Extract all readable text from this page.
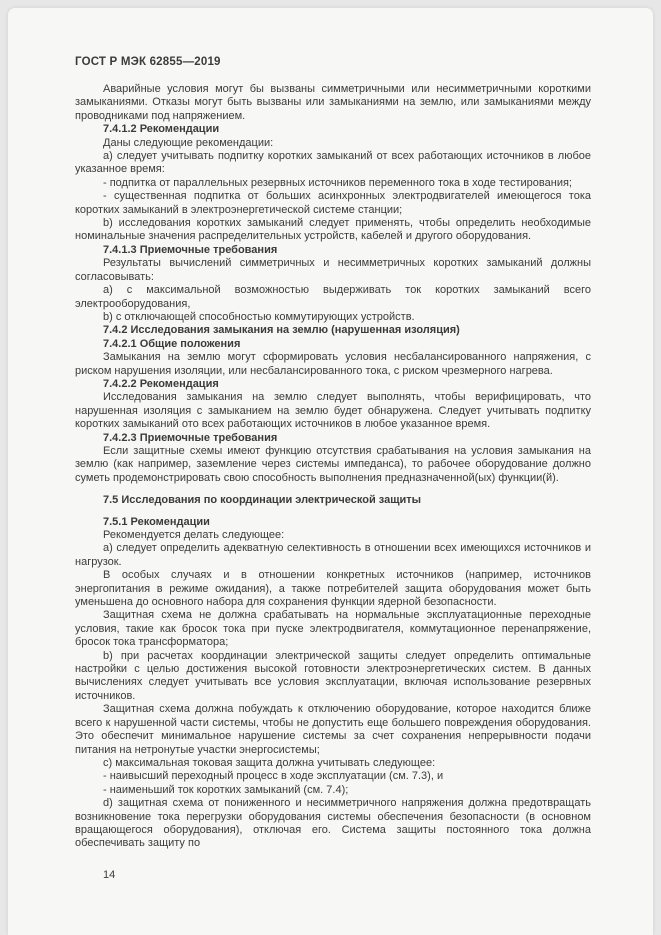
ГОСТ Р МЭК 62855—2019

Аварийные условия могут бы вызваны симметричными или несимметричными короткими замыканиями. Отказы могут быть вызваны или замыканиями на землю, или замыканиями между проводниками под напряжением.

7.4.1.2 Рекомендации

Даны следующие рекомендации:

a) следует учитывать подпитку коротких замыканий от всех работающих источников в любое указанное время:

- подпитка от параллельных резервных источников переменного тока в ходе тестирования;

- существенная подпитка от больших асинхронных электродвигателей имеющегося тока коротких замыканий в электроэнергетической системе станции;

b) исследования коротких замыканий следует применять, чтобы определить необходимые номинальные значения распределительных устройств, кабелей и другого оборудования.

7.4.1.3 Приемочные требования

Результаты вычислений симметричных и несимметричных коротких замыканий должны согласовывать:

a) с максимальной возможностью выдерживать ток коротких замыканий всего электрооборудования,

b) с отключающей способностью коммутирующих устройств.

7.4.2 Исследования замыкания на землю (нарушенная изоляция)

7.4.2.1 Общие положения

Замыкания на землю могут сформировать условия несбалансированного напряжения, с риском нарушения изоляции, или несбалансированного тока, с риском чрезмерного нагрева.

7.4.2.2 Рекомендация

Исследования замыкания на землю следует выполнять, чтобы верифицировать, что нарушенная изоляция с замыканием на землю будет обнаружена. Следует учитывать подпитку коротких замыканий ото всех работающих источников в любое указанное время.

7.4.2.3 Приемочные требования

Если защитные схемы имеют функцию отсутствия срабатывания на условия замыкания на землю (как например, заземление через системы импеданса), то рабочее оборудование должно суметь продемонстрировать свою способность выполнения предназначенной(ых) функции(й).

7.5 Исследования по координации электрической защиты

7.5.1 Рекомендации

Рекомендуется делать следующее:

a) следует определить адекватную селективность в отношении всех имеющихся источников и нагрузок.

В особых случаях и в отношении конкретных источников (например, источников энергопитания в режиме ожидания), а также потребителей защита оборудования может быть уменьшена до основного набора для сохранения функции ядерной безопасности.

Защитная схема не должна срабатывать на нормальные эксплуатационные переходные условия, такие как бросок тока при пуске электродвигателя, коммутационное перенапряжение, бросок тока трансформатора;

b) при расчетах координации электрической защиты следует определить оптимальные настройки с целью достижения высокой готовности электроэнергетических систем. В данных вычислениях следует учитывать все условия эксплуатации, включая использование резервных источников.

Защитная схема должна побуждать к отключению оборудование, которое находится ближе всего к нарушенной части системы, чтобы не допустить еще большего повреждения оборудования. Это обеспечит минимальное нарушение системы за счет сохранения непрерывности подачи питания на нетронутые участки энергосистемы;

c) максимальная токовая защита должна учитывать следующее:

- наивысший переходный процесс в ходе эксплуатации (см. 7.3), и

- наименьший ток коротких замыканий (см. 7.4);

d) защитная схема от пониженного и несимметричного напряжения должна предотвращать возникновение тока перегрузки оборудования системы обеспечения безопасности (в основном вращающегося оборудования), отключая его. Система защиты постоянного тока должна обеспечивать защиту по

14
